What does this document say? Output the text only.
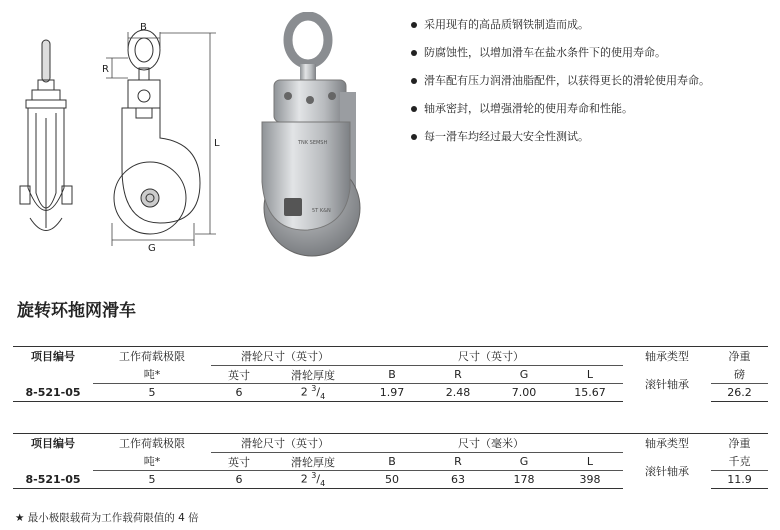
B
R
L
G
TNK SEMSH
5T K&N
采用现有的高品质钢铁制造而成。
防腐蚀性，以增加滑车在盐水条件下的使用寿命。
滑车配有压力润滑油脂配件，以获得更长的滑轮使用寿命。
轴承密封，以增强滑轮的使用寿命和性能。
每一滑车均经过最大安全性测试。
旋转环拖网滑车
项目编号	工作荷载极限	滑轮尺寸（英寸）		尺寸（英寸）				轴承类型	净重
	吨*	英寸	滑轮厚度	B	R	G	L	滚针轴承	磅
8-521-05	5	6	2 $^3/_4$	1.97	2.48	7.00	15.67		26.2
项目编号	工作荷载极限	滑轮尺寸（英寸）		尺寸（毫米）				轴承类型	净重
	吨*	英寸	滑轮厚度	B	R	G	L	滚针轴承	千克
8-521-05	5	6	2 $^3/_4$	50	63	178	398		11.9
★ 最小极限载荷为工作载荷限值的 4 倍
